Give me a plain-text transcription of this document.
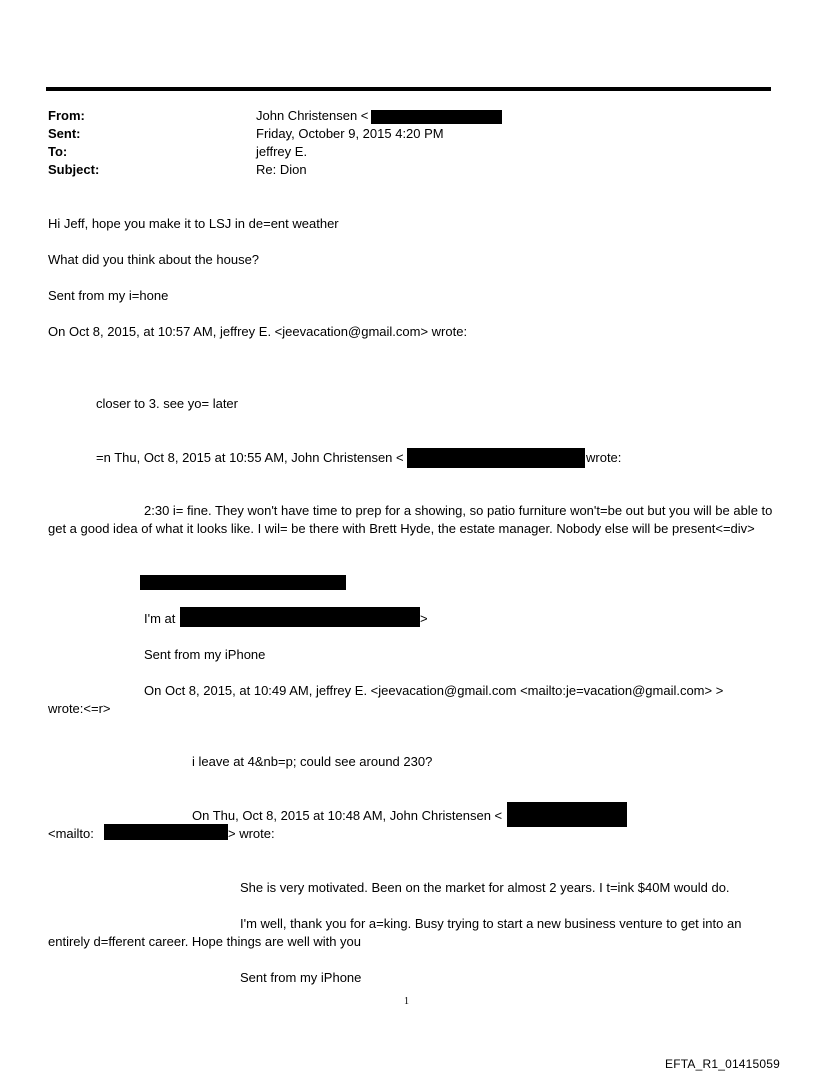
From:	John Christensen <
Sent:	Friday, October 9, 2015 4:20 PM
To:	jeffrey E.
Subject:	Re: Dion
Hi Jeff, hope you make it to LSJ in de=ent weather
What did you think about the house?
Sent from my i=hone
On Oct 8, 2015, at 10:57 AM, jeffrey E. <jeevacation@gmail.com> wrote:
closer to 3. see yo= later
=n Thu, Oct 8, 2015 at 10:55 AM, John Christensen <	wrote:
2:30 i= fine. They won't have time to prep for a showing, so patio furniture won't=be out but you will be able to get a good idea of what it looks like. I wil= be there with Brett Hyde, the estate manager. Nobody else will be present<=div>
I'm at	>
Sent from my iPhone
On Oct 8, 2015, at 10:49 AM, jeffrey E. <jeevacation@gmail.com <mailto:je=vacation@gmail.com> >
wrote:<=r>
i leave at 4&nb=p; could see around 230?
On Thu, Oct 8, 2015 at 10:48 AM, John Christensen <
<mailto:	> wrote:
She is very motivated. Been on the market for almost 2 years. I t=ink $40M would do.
I'm well, thank you for a=king. Busy trying to start a new business venture to get into an
entirely d=fferent career. Hope things are well with you
Sent from my iPhone
1
EFTA_R1_01415059
